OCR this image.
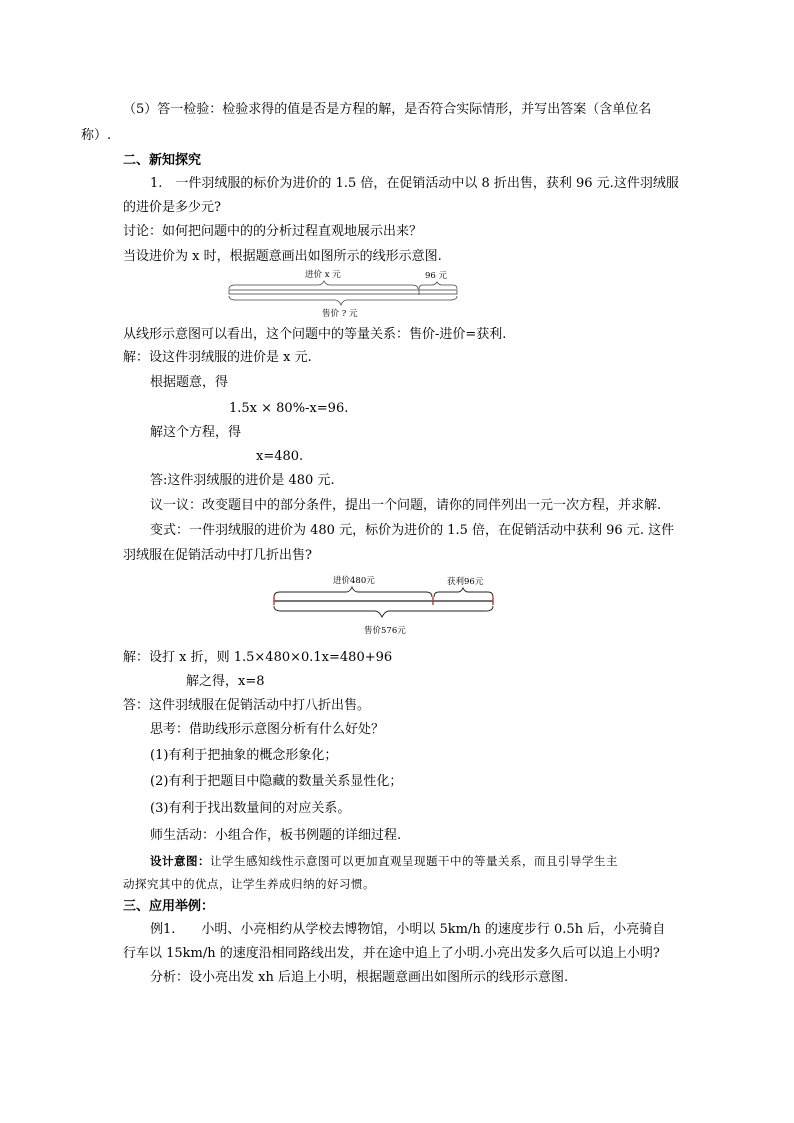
（5）答一检验：检验求得的值是否是方程的解，是否符合实际情形，并写出答案（含单位名
称）.
二、新知探究
1.　一件羽绒服的标价为进价的 1.5 倍，在促销活动中以 8 折出售，获利 96 元.这件羽绒服
的进价是多少元?
讨论：如何把问题中的的分析过程直观地展示出来？
当设进价为 x 时，根据题意画出如图所示的线形示意图.
进价 x 元	96 元
售价 ? 元
从线形示意图可以看出，这个问题中的等量关系：售价-进价=获利.
解：设这件羽绒服的进价是 x 元.
根据题意，得
1.5x × 80%-x=96.
解这个方程，得
x=480.
答:这件羽绒服的进价是 480 元.
议一议：改变题目中的部分条件，提出一个问题，请你的同伴列出一元一次方程，并求解.
变式：一件羽绒服的进价为 480 元，标价为进价的 1.5 倍，在促销活动中获利 96 元. 这件
羽绒服在促销活动中打几折出售?
进价480元	获利96元
售价576元
解：设打 x 折，则 1.5×480×0.1x=480+96
解之得，x=8
答：这件羽绒服在促销活动中打八折出售。
思考：借助线形示意图分析有什么好处？
(1)有利于把抽象的概念形象化；
(2)有利于把题目中隐藏的数量关系显性化；
(3)有利于找出数量间的对应关系。
师生活动：小组合作，板书例题的详细过程.
设计意图：让学生感知线性示意图可以更加直观呈现题干中的等量关系，而且引导学生主
动探究其中的优点，让学生养成归纳的好习惯。
三、应用举例：
例1.　　小明、小亮相约从学校去博物馆，小明以 5km/h 的速度步行 0.5h 后，小亮骑自
行车以 15km/h 的速度沿相同路线出发，并在途中追上了小明.小亮出发多久后可以追上小明?
分析：设小亮出发 xh 后追上小明，根据题意画出如图所示的线形示意图.
